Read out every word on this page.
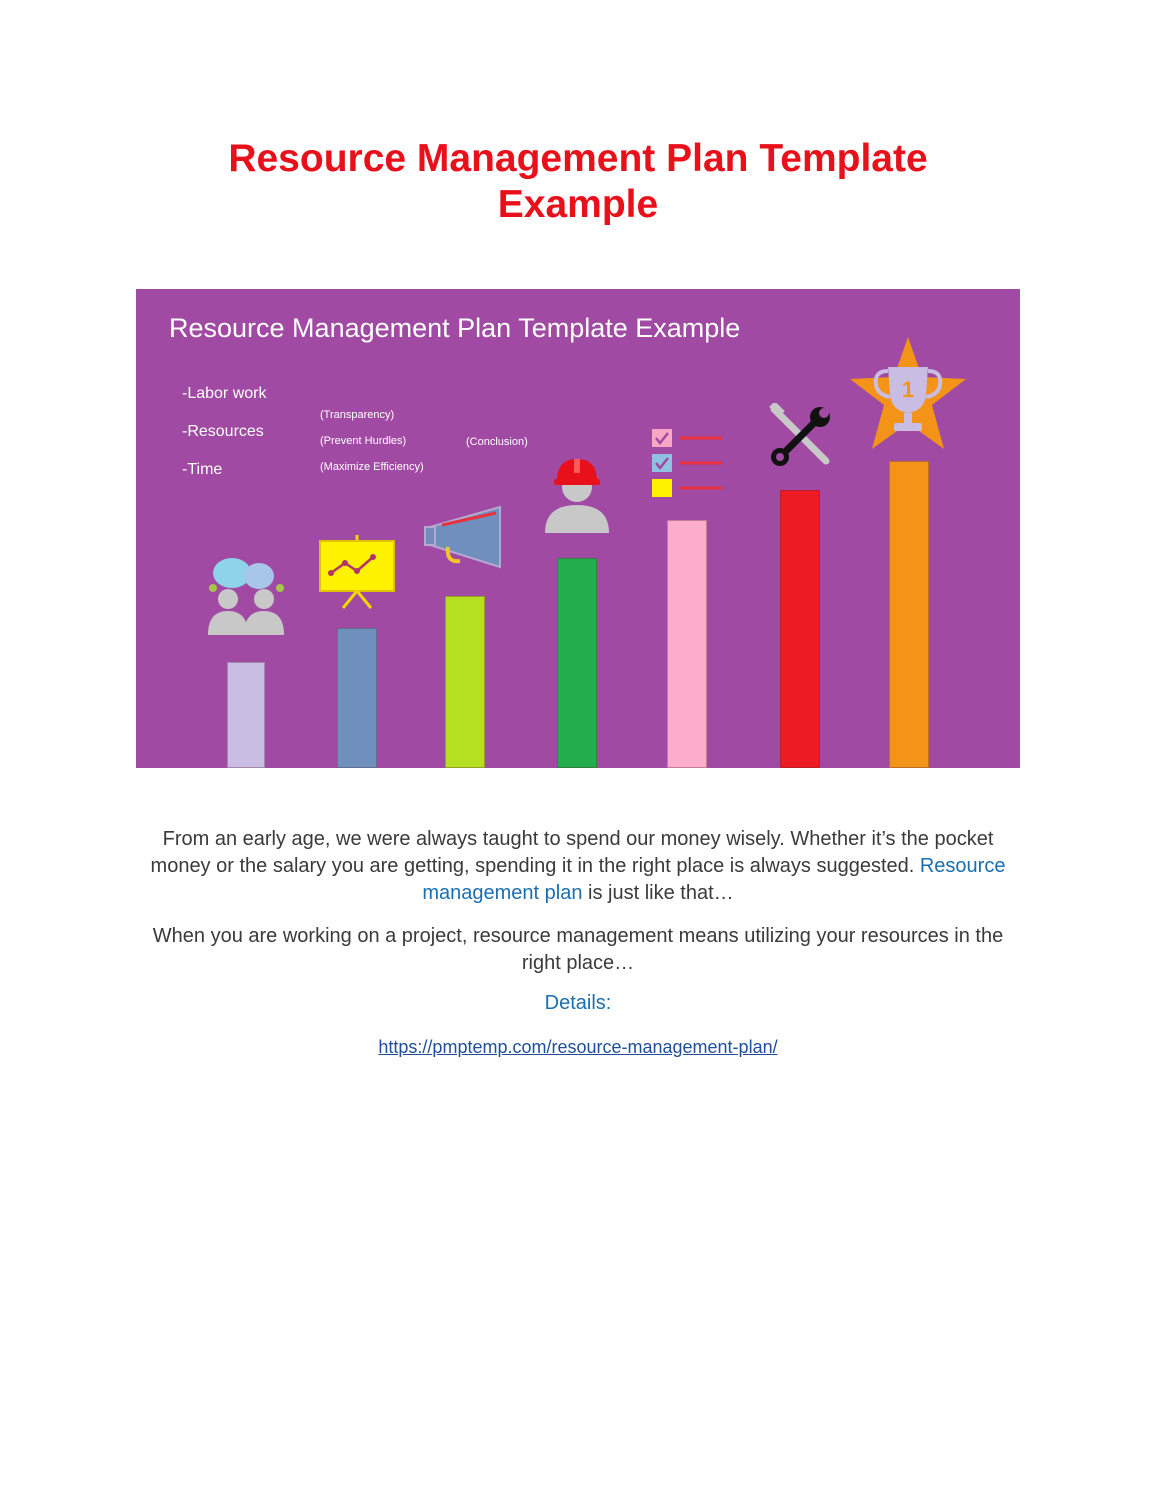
Resource Management Plan Template
Example
Resource Management Plan Template Example
-Labor work
-Resources
-Time
(Transparency)
(Prevent Hurdles)
(Maximize Efficiency)
(Conclusion)
1
From an early age, we were always taught to spend our money wisely. Whether it’s the pocket money or the salary you are getting, spending it in the right place is always suggested. Resource management plan is just like that…
When you are working on a project, resource management means utilizing your resources in the right place…
Details:
https://pmptemp.com/resource-management-plan/
